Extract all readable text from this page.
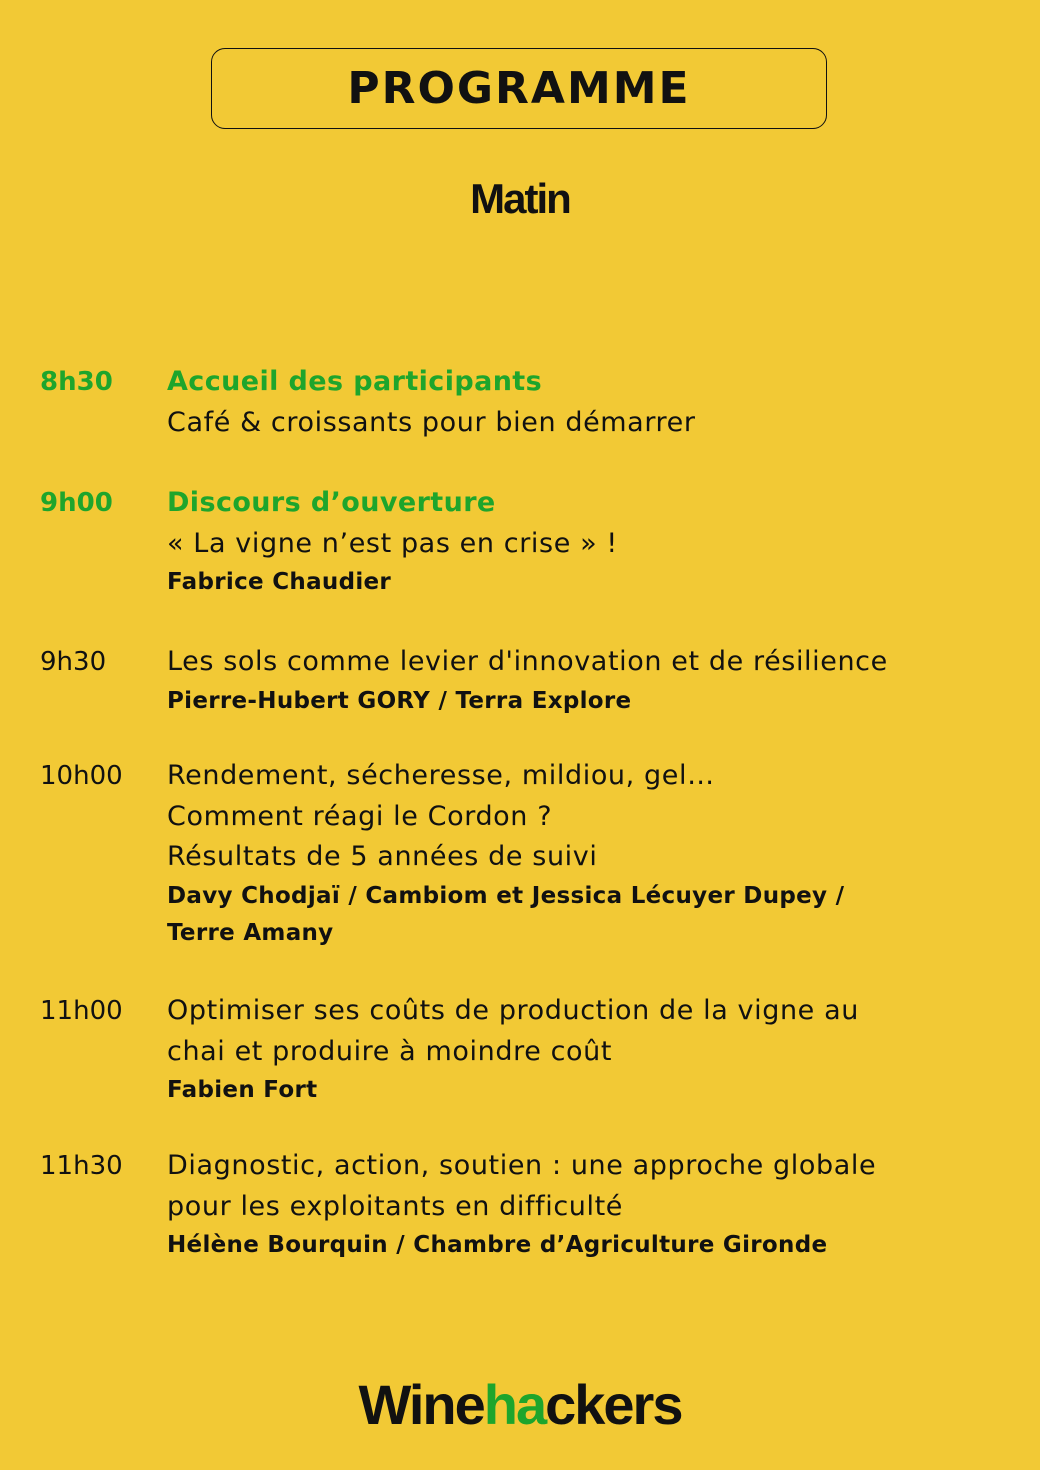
PROGRAMME
Matin
8h30 Accueil des participants
Café & croissants pour bien démarrer
9h00 Discours d’ouverture
« La vigne n’est pas en crise » !
Fabrice Chaudier
9h30 Les sols comme levier d'innovation et de résilience
Pierre-Hubert GORY / Terra Explore
10h00 Rendement, sécheresse, mildiou, gel…
Comment réagi le Cordon ?
Résultats de 5 années de suivi
Davy Chodjaï / Cambiom et Jessica Lécuyer Dupey /
Terre Amany
11h00 Optimiser ses coûts de production de la vigne au
chai et produire à moindre coût
Fabien Fort
11h30 Diagnostic, action, soutien : une approche globale
pour les exploitants en difficulté
Hélène Bourquin / Chambre d’Agriculture Gironde
Winehackers
